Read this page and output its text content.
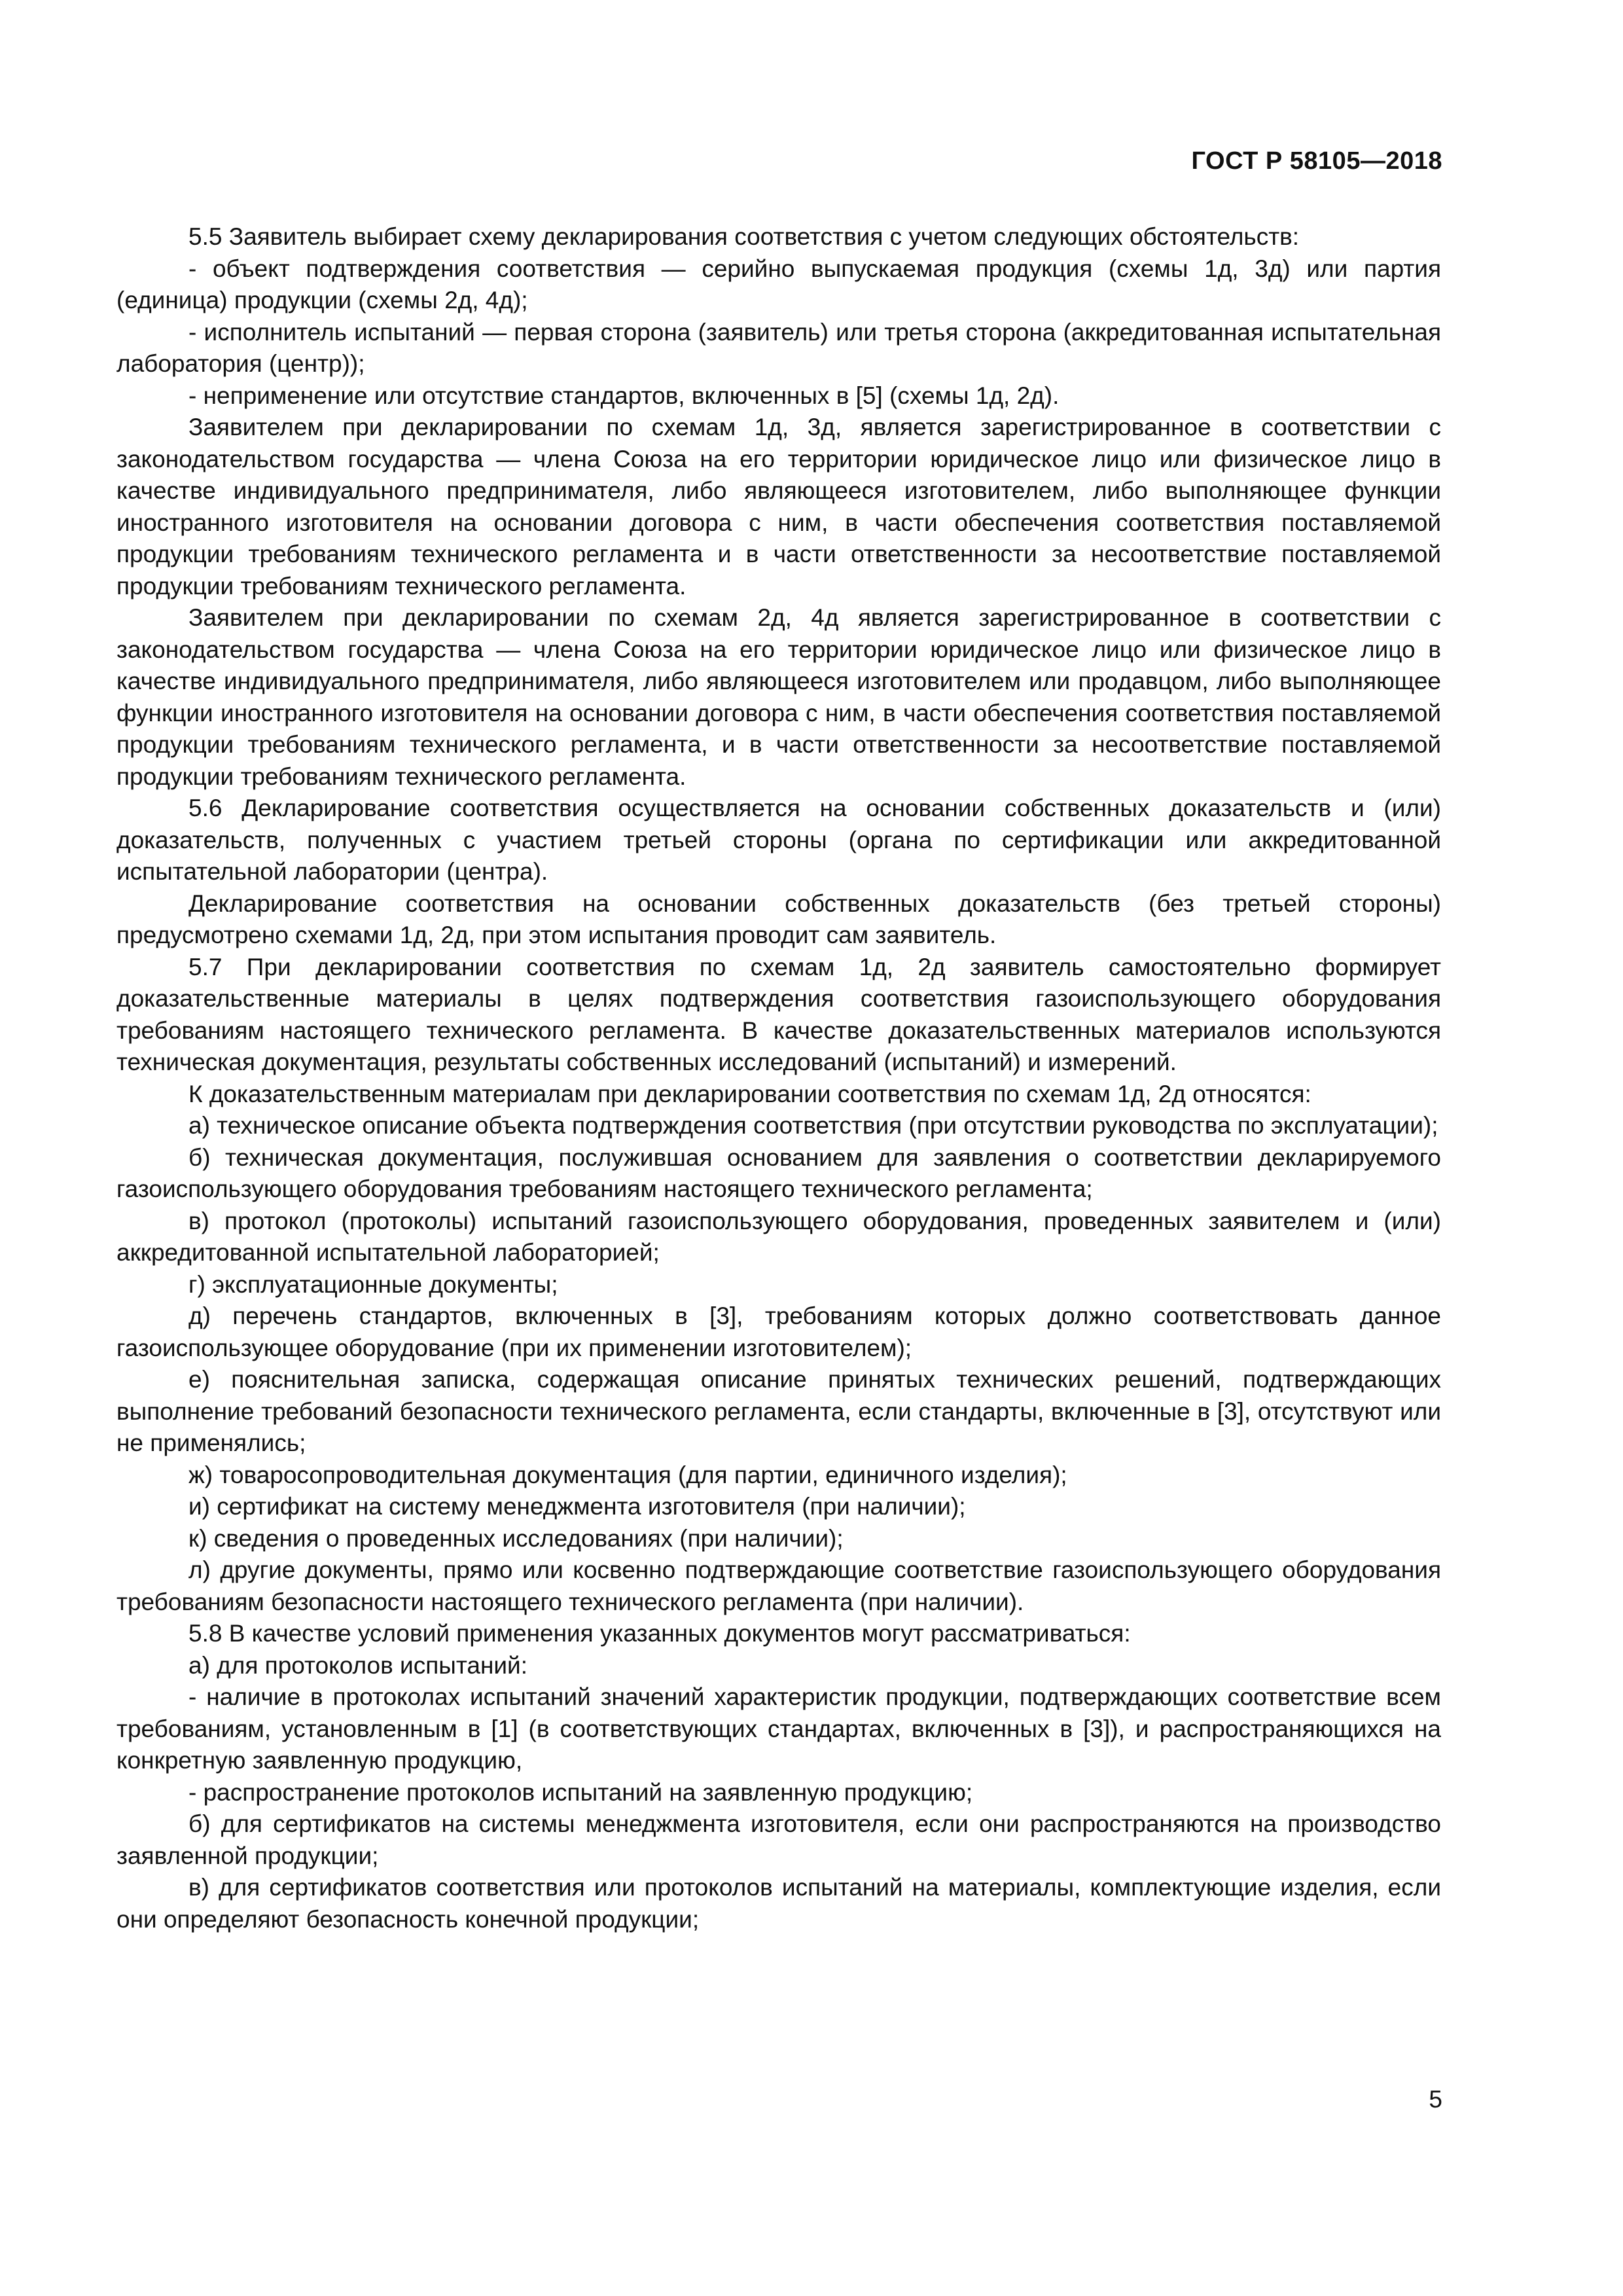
ГОСТ Р 58105—2018

5.5 Заявитель выбирает схему декларирования соответствия с учетом следующих обстоятельств:

- объект подтверждения соответствия — серийно выпускаемая продукция (схемы 1д, 3д) или партия (единица) продукции (схемы 2д, 4д);

- исполнитель испытаний — первая сторона (заявитель) или третья сторона (аккредитованная испытательная лаборатория (центр));

- неприменение или отсутствие стандартов, включенных в [5] (схемы 1д, 2д).

Заявителем при декларировании по схемам 1д, 3д, является зарегистрированное в соответствии с законодательством государства — члена Союза на его территории юридическое лицо или физическое лицо в качестве индивидуального предпринимателя, либо являющееся изготовителем, либо выполняющее функции иностранного изготовителя на основании договора с ним, в части обеспечения соответствия поставляемой продукции требованиям технического регламента и в части ответственности за несоответствие поставляемой продукции требованиям технического регламента.

Заявителем при декларировании по схемам 2д, 4д является зарегистрированное в соответствии с законодательством государства — члена Союза на его территории юридическое лицо или физическое лицо в качестве индивидуального предпринимателя, либо являющееся изготовителем или продавцом, либо выполняющее функции иностранного изготовителя на основании договора с ним, в части обеспечения соответствия поставляемой продукции требованиям технического регламента, и в части ответственности за несоответствие поставляемой продукции требованиям технического регламента.

5.6 Декларирование соответствия осуществляется на основании собственных доказательств и (или) доказательств, полученных с участием третьей стороны (органа по сертификации или аккредитованной испытательной лаборатории (центра).

Декларирование соответствия на основании собственных доказательств (без третьей стороны) предусмотрено схемами 1д, 2д, при этом испытания проводит сам заявитель.

5.7 При декларировании соответствия по схемам 1д, 2д заявитель самостоятельно формирует доказательственные материалы в целях подтверждения соответствия газоиспользующего оборудования требованиям настоящего технического регламента. В качестве доказательственных материалов используются техническая документация, результаты собственных исследований (испытаний) и измерений.

К доказательственным материалам при декларировании соответствия по схемам 1д, 2д относятся:

а) техническое описание объекта подтверждения соответствия (при отсутствии руководства по эксплуатации);

б) техническая документация, послужившая основанием для заявления о соответствии декларируемого газоиспользующего оборудования требованиям настоящего технического регламента;

в) протокол (протоколы) испытаний газоиспользующего оборудования, проведенных заявителем и (или) аккредитованной испытательной лабораторией;

г) эксплуатационные документы;

д) перечень стандартов, включенных в [3], требованиям которых должно соответствовать данное газоиспользующее оборудование (при их применении изготовителем);

е) пояснительная записка, содержащая описание принятых технических решений, подтверждающих выполнение требований безопасности технического регламента, если стандарты, включенные в [3], отсутствуют или не применялись;

ж) товаросопроводительная документация (для партии, единичного изделия);

и) сертификат на систему менеджмента изготовителя (при наличии);

к) сведения о проведенных исследованиях (при наличии);

л) другие документы, прямо или косвенно подтверждающие соответствие газоиспользующего оборудования требованиям безопасности настоящего технического регламента (при наличии).

5.8 В качестве условий применения указанных документов могут рассматриваться:

а) для протоколов испытаний:

- наличие в протоколах испытаний значений характеристик продукции, подтверждающих соответствие всем требованиям, установленным в [1] (в соответствующих стандартах, включенных в [3]), и распространяющихся на конкретную заявленную продукцию,

- распространение протоколов испытаний на заявленную продукцию;

б) для сертификатов на системы менеджмента изготовителя, если они распространяются на производство заявленной продукции;

в) для сертификатов соответствия или протоколов испытаний на материалы, комплектующие изделия, если они определяют безопасность конечной продукции;

5
